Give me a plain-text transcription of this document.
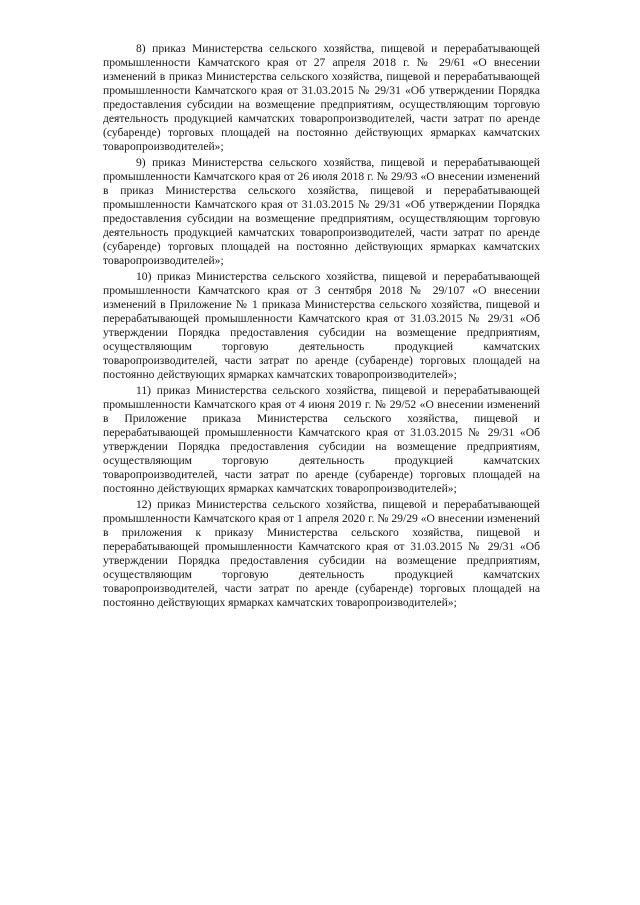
8) приказ Министерства сельского хозяйства, пищевой и перерабатывающей промышленности Камчатского края от 27 апреля 2018 г. № 29/61 «О внесении изменений в приказ Министерства сельского хозяйства, пищевой и перерабатывающей промышленности Камчатского края от 31.03.2015 № 29/31 «Об утверждении Порядка предоставления субсидии на возмещение предприятиям, осуществляющим торговую деятельность продукцией камчатских товаропроизводителей, части затрат по аренде (субаренде) торговых площадей на постоянно действующих ярмарках камчатских товаропроизводителей»;

9) приказ Министерства сельского хозяйства, пищевой и перерабатывающей промышленности Камчатского края от 26 июля 2018 г. № 29/93 «О внесении изменений в приказ Министерства сельского хозяйства, пищевой и перерабатывающей промышленности Камчатского края от 31.03.2015 № 29/31 «Об утверждении Порядка предоставления субсидии на возмещение предприятиям, осуществляющим торговую деятельность продукцией камчатских товаропроизводителей, части затрат по аренде (субаренде) торговых площадей на постоянно действующих ярмарках камчатских товаропроизводителей»;

10) приказ Министерства сельского хозяйства, пищевой и перерабатывающей промышленности Камчатского края от 3 сентября 2018 № 29/107 «О внесении изменений в Приложение № 1 приказа Министерства сельского хозяйства, пищевой и перерабатывающей промышленности Камчатского края от 31.03.2015 № 29/31 «Об утверждении Порядка предоставления субсидии на возмещение предприятиям, осуществляющим торговую деятельность продукцией камчатских товаропроизводителей, части затрат по аренде (субаренде) торговых площадей на постоянно действующих ярмарках камчатских товаропроизводителей»;

11) приказ Министерства сельского хозяйства, пищевой и перерабатывающей промышленности Камчатского края от 4 июня 2019 г. № 29/52 «О внесении изменений в Приложение приказа Министерства сельского хозяйства, пищевой и перерабатывающей промышленности Камчатского края от 31.03.2015 № 29/31 «Об утверждении Порядка предоставления субсидии на возмещение предприятиям, осуществляющим торговую деятельность продукцией камчатских товаропроизводителей, части затрат по аренде (субаренде) торговых площадей на постоянно действующих ярмарках камчатских товаропроизводителей»;

12) приказ Министерства сельского хозяйства, пищевой и перерабатывающей промышленности Камчатского края от 1 апреля 2020 г. № 29/29 «О внесении изменений в приложения к приказу Министерства сельского хозяйства, пищевой и перерабатывающей промышленности Камчатского края от 31.03.2015 № 29/31 «Об утверждении Порядка предоставления субсидии на возмещение предприятиям, осуществляющим торговую деятельность продукцией камчатских товаропроизводителей, части затрат по аренде (субаренде) торговых площадей на постоянно действующих ярмарках камчатских товаропроизводителей»;
